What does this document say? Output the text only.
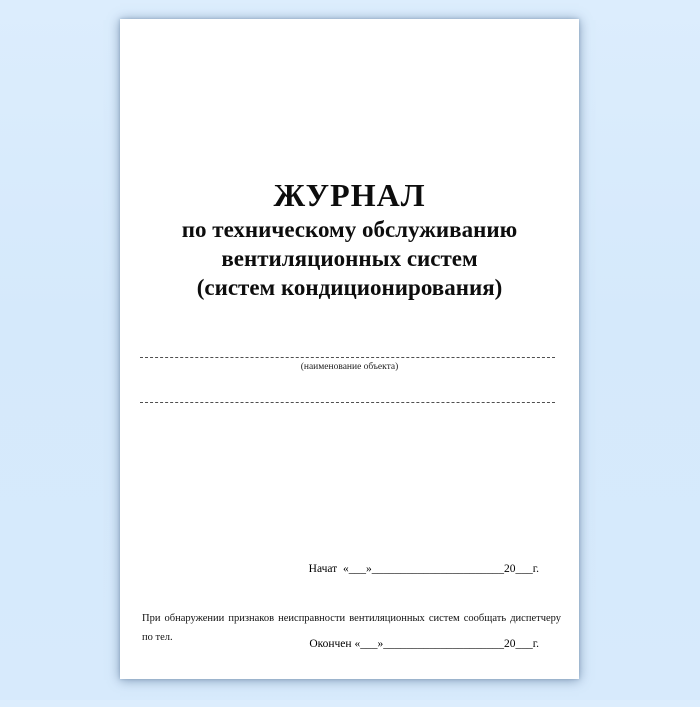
ЖУРНАЛ
по техническому обслуживанию
вентиляционных систем
(систем кондиционирования)
(наименование объекта)

Начат  «___»_______________________20___г.

Окончен «___»_____________________20___г.

При обнаружении признаков неисправности вентиляционных систем сообщать диспетчеру по тел.
